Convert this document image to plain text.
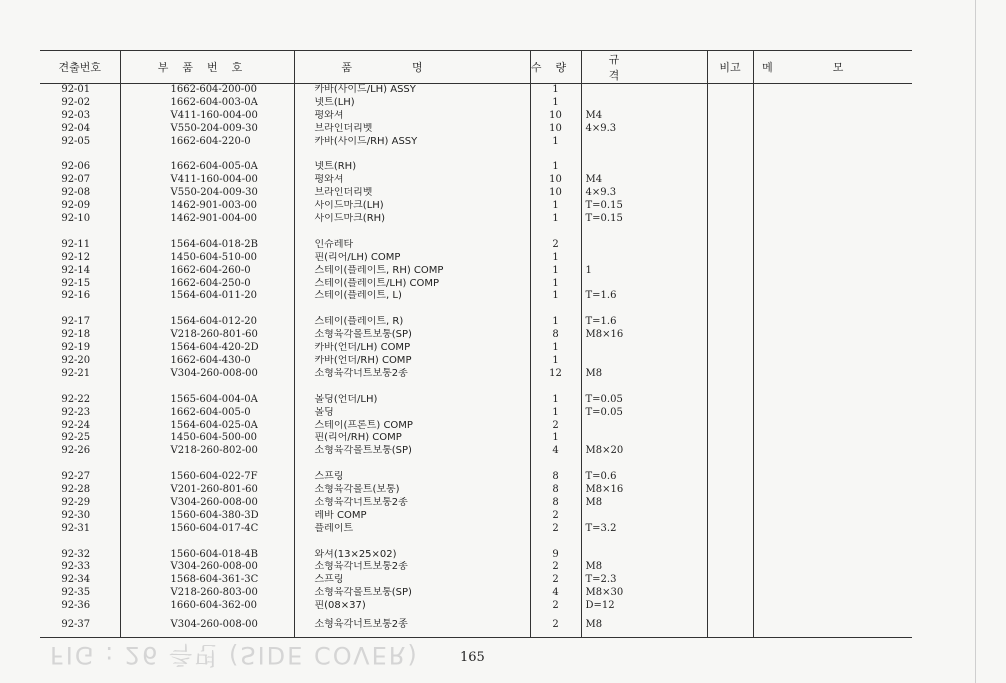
견출번호	부품번호	품명	수량	규격	비고	메모
92-01	1662-604-200-00	카바(사이드/LH) ASSY	1			
92-02	1662-604-003-0A	넷트(LH)	1			
92-03	V411-160-004-00	평와셔	10	M4		
92-04	V550-204-009-30	브라인더리벳	10	4×9.3		
92-05	1662-604-220-0	카바(사이드/RH) ASSY	1			

92-06	1662-604-005-0A	넷트(RH)	1			
92-07	V411-160-004-00	평와셔	10	M4		
92-08	V550-204-009-30	브라인더리벳	10	4×9.3		
92-09	1462-901-003-00	사이드마크(LH)	1	T=0.15		
92-10	1462-901-004-00	사이드마크(RH)	1	T=0.15		

92-11	1564-604-018-2B	인슈레타	2			
92-12	1450-604-510-00	핀(리어/LH) COMP	1			
92-14	1662-604-260-0	스테이(플레이트, RH) COMP	1	1		
92-15	1662-604-250-0	스테이(플레이트/LH) COMP	1			
92-16	1564-604-011-20	스테이(플레이트, L)	1	T=1.6		

92-17	1564-604-012-20	스테이(플레이트, R)	1	T=1.6		
92-18	V218-260-801-60	소형육각볼트보통(SP)	8	M8×16		
92-19	1564-604-420-2D	카바(언더/LH) COMP	1			
92-20	1662-604-430-0	카바(언더/RH) COMP	1			
92-21	V304-260-008-00	소형육각너트보통2종	12	M8		

92-22	1565-604-004-0A	몰딩(언더/LH)	1	T=0.05		
92-23	1662-604-005-0	몰딩	1	T=0.05		
92-24	1564-604-025-0A	스테이(프론트) COMP	2			
92-25	1450-604-500-00	핀(리어/RH) COMP	1			
92-26	V218-260-802-00	소형육각볼트보통(SP)	4	M8×20		

92-27	1560-604-022-7F	스프링	8	T=0.6		
92-28	V201-260-801-60	소형육각볼트(보통)	8	M8×16		
92-29	V304-260-008-00	소형육각너트보통2종	8	M8		
92-30	1560-604-380-3D	레바 COMP	2			
92-31	1560-604-017-4C	플레이트	2	T=3.2		

92-32	1560-604-018-4B	와셔(13×25×02)	9			
92-33	V304-260-008-00	소형육각너트보통2종	2	M8		
92-34	1568-604-361-3C	스프링	2	T=2.3		
92-35	V218-260-803-00	소형육각볼트보통(SP)	4	M8×30		
92-36	1660-604-362-00	핀(08×37)	2	D=12		
92-37	V304-260-008-00	소형육각너트보통2종	2	M8		
FIG : 26 측면 (SIDE COVER)	165
